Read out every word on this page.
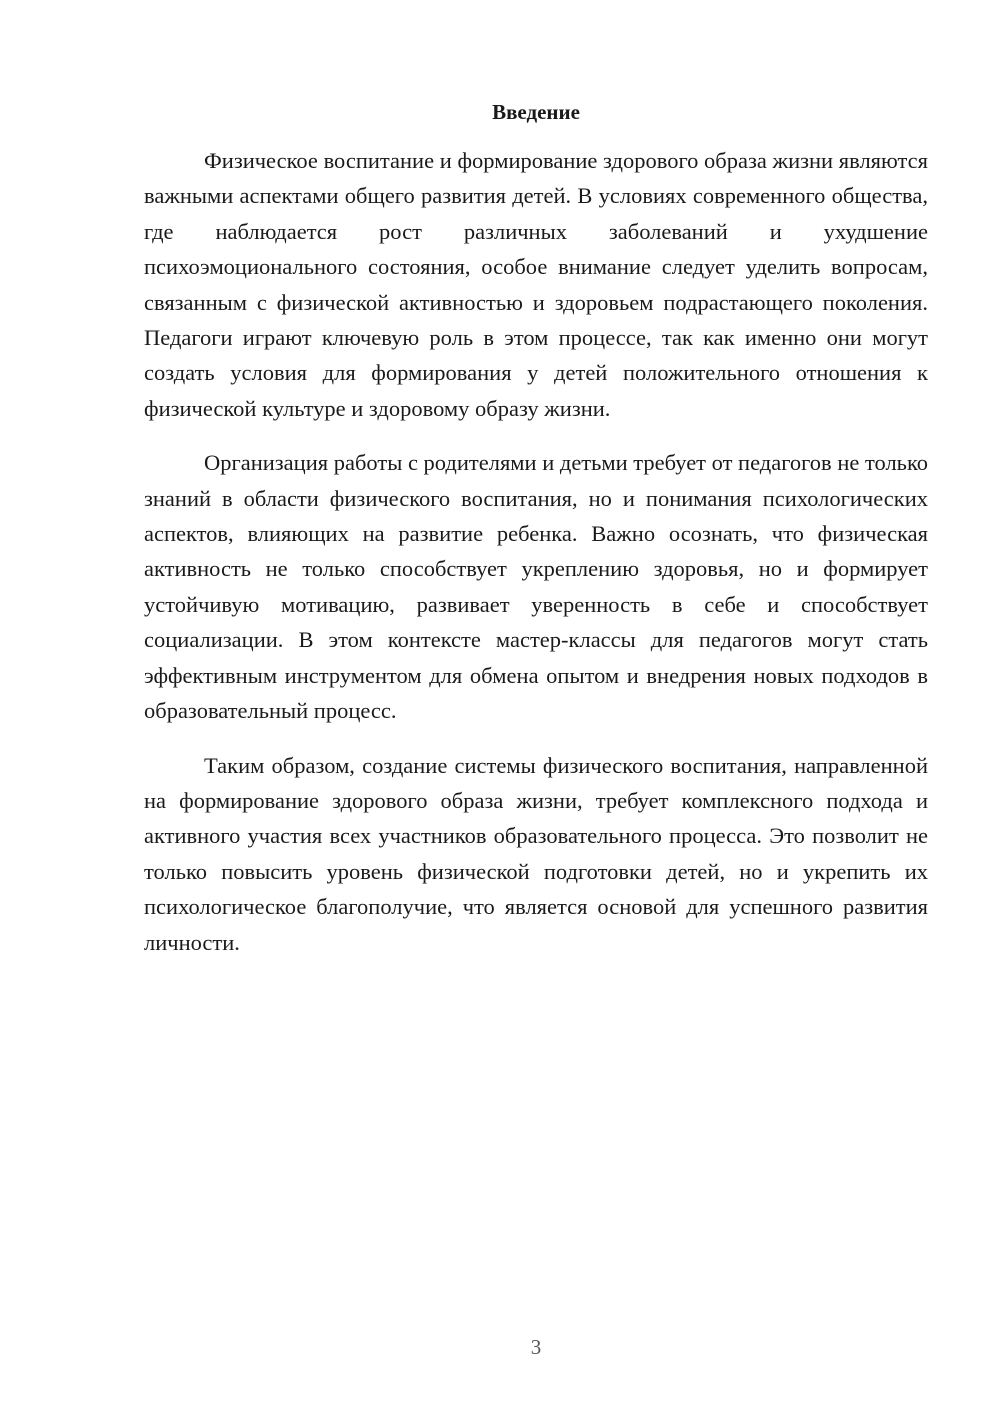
Введение

Физическое воспитание и формирование здорового образа жизни являются важными аспектами общего развития детей. В условиях современного общества, где наблюдается рост различных заболеваний и ухудшение психоэмоционального состояния, особое внимание следует уделить вопросам, связанным с физической активностью и здоровьем подрастающего поколения. Педагоги играют ключевую роль в этом процессе, так как именно они могут создать условия для формирования у детей положительного отношения к физической культуре и здоровому образу жизни.

Организация работы с родителями и детьми требует от педагогов не только знаний в области физического воспитания, но и понимания психологических аспектов, влияющих на развитие ребенка. Важно осознать, что физическая активность не только способствует укреплению здоровья, но и формирует устойчивую мотивацию, развивает уверенность в себе и способствует социализации. В этом контексте мастер-классы для педагогов могут стать эффективным инструментом для обмена опытом и внедрения новых подходов в образовательный процесс.

Таким образом, создание системы физического воспитания, направленной на формирование здорового образа жизни, требует комплексного подхода и активного участия всех участников образовательного процесса. Это позволит не только повысить уровень физической подготовки детей, но и укрепить их психологическое благополучие, что является основой для успешного развития личности.

3
